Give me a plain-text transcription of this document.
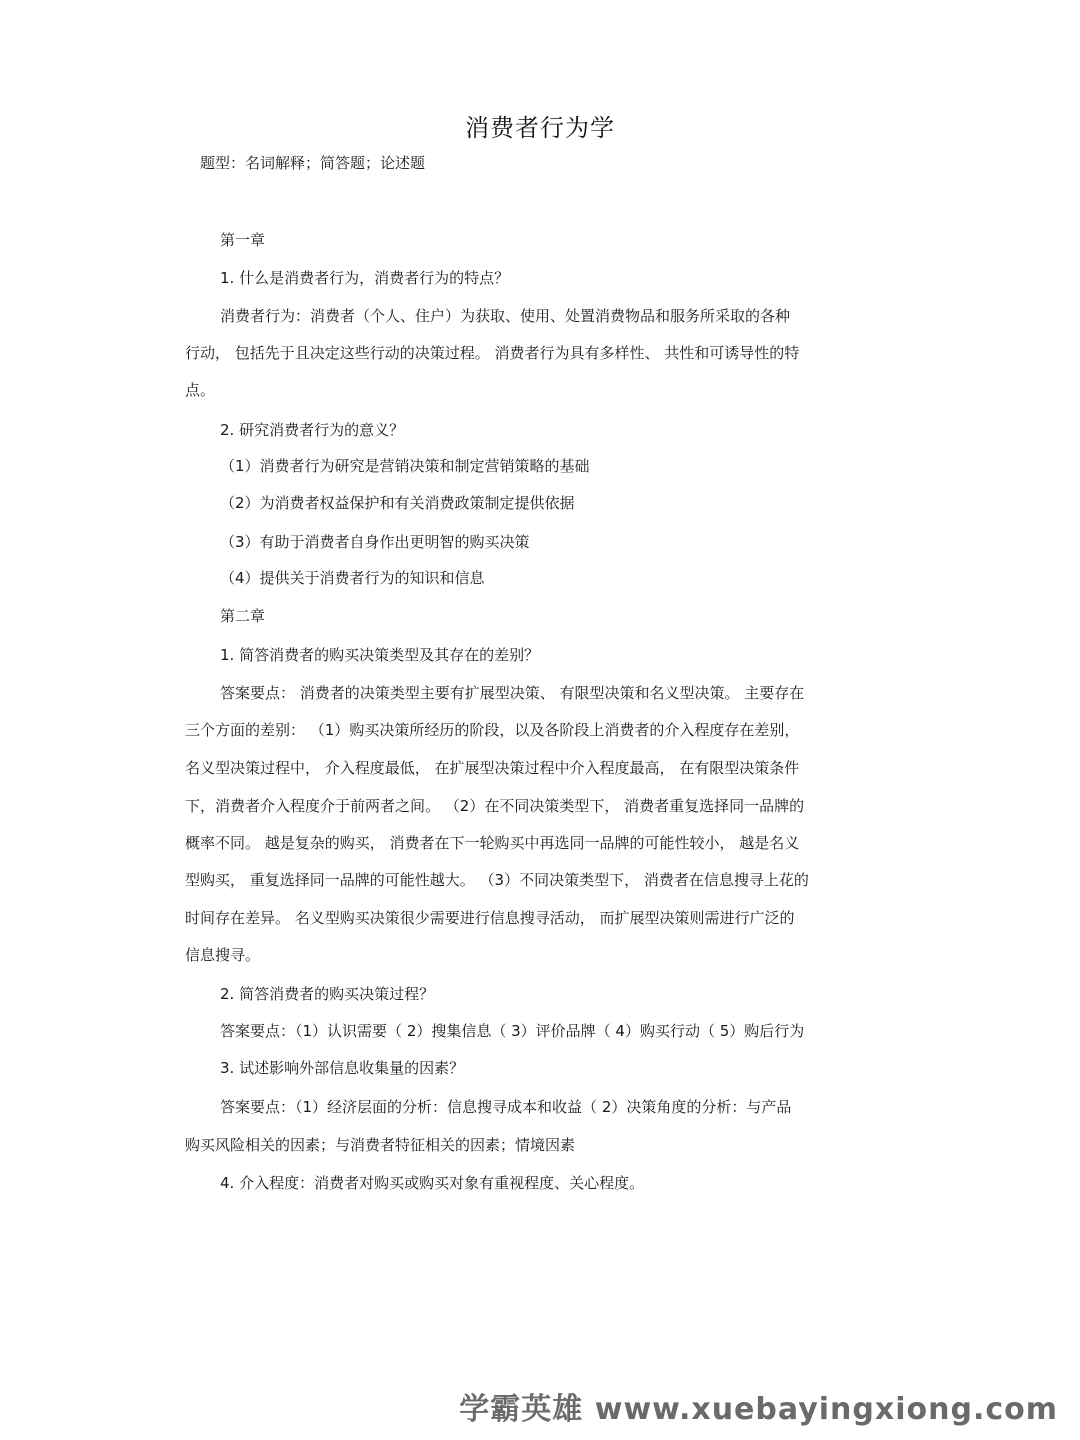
消费者行为学
题型：名词解释；简答题；论述题
第一章
1. 什么是消费者行为，消费者行为的特点？
消费者行为：消费者（个人、住户）为获取、使用、处置消费物品和服务所采取的各种
行动， 包括先于且决定这些行动的决策过程。 消费者行为具有多样性、 共性和可诱导性的特
点。
2. 研究消费者行为的意义？
（1）消费者行为研究是营销决策和制定营销策略的基础
（2）为消费者权益保护和有关消费政策制定提供依据
（3）有助于消费者自身作出更明智的购买决策
（4）提供关于消费者行为的知识和信息
第二章
1. 简答消费者的购买决策类型及其存在的差别？
答案要点： 消费者的决策类型主要有扩展型决策、 有限型决策和名义型决策。 主要存在
三个方面的差别： （1）购买决策所经历的阶段，以及各阶段上消费者的介入程度存在差别，
名义型决策过程中， 介入程度最低， 在扩展型决策过程中介入程度最高， 在有限型决策条件
下，消费者介入程度介于前两者之间。 （2）在不同决策类型下， 消费者重复选择同一品牌的
概率不同。 越是复杂的购买， 消费者在下一轮购买中再选同一品牌的可能性较小， 越是名义
型购买， 重复选择同一品牌的可能性越大。 （3）不同决策类型下， 消费者在信息搜寻上花的
时间存在差异。 名义型购买决策很少需要进行信息搜寻活动， 而扩展型决策则需进行广泛的
信息搜寻。
2. 简答消费者的购买决策过程？
答案要点：（1）认识需要（ 2）搜集信息（ 3）评价品牌（ 4）购买行动（ 5）购后行为
3. 试述影响外部信息收集量的因素？
答案要点：（1）经济层面的分析：信息搜寻成本和收益（ 2）决策角度的分析：与产品
购买风险相关的因素；与消费者特征相关的因素；情境因素
4. 介入程度：消费者对购买或购买对象有重视程度、关心程度。
学霸英雄 www.xuebayingxiong.com
